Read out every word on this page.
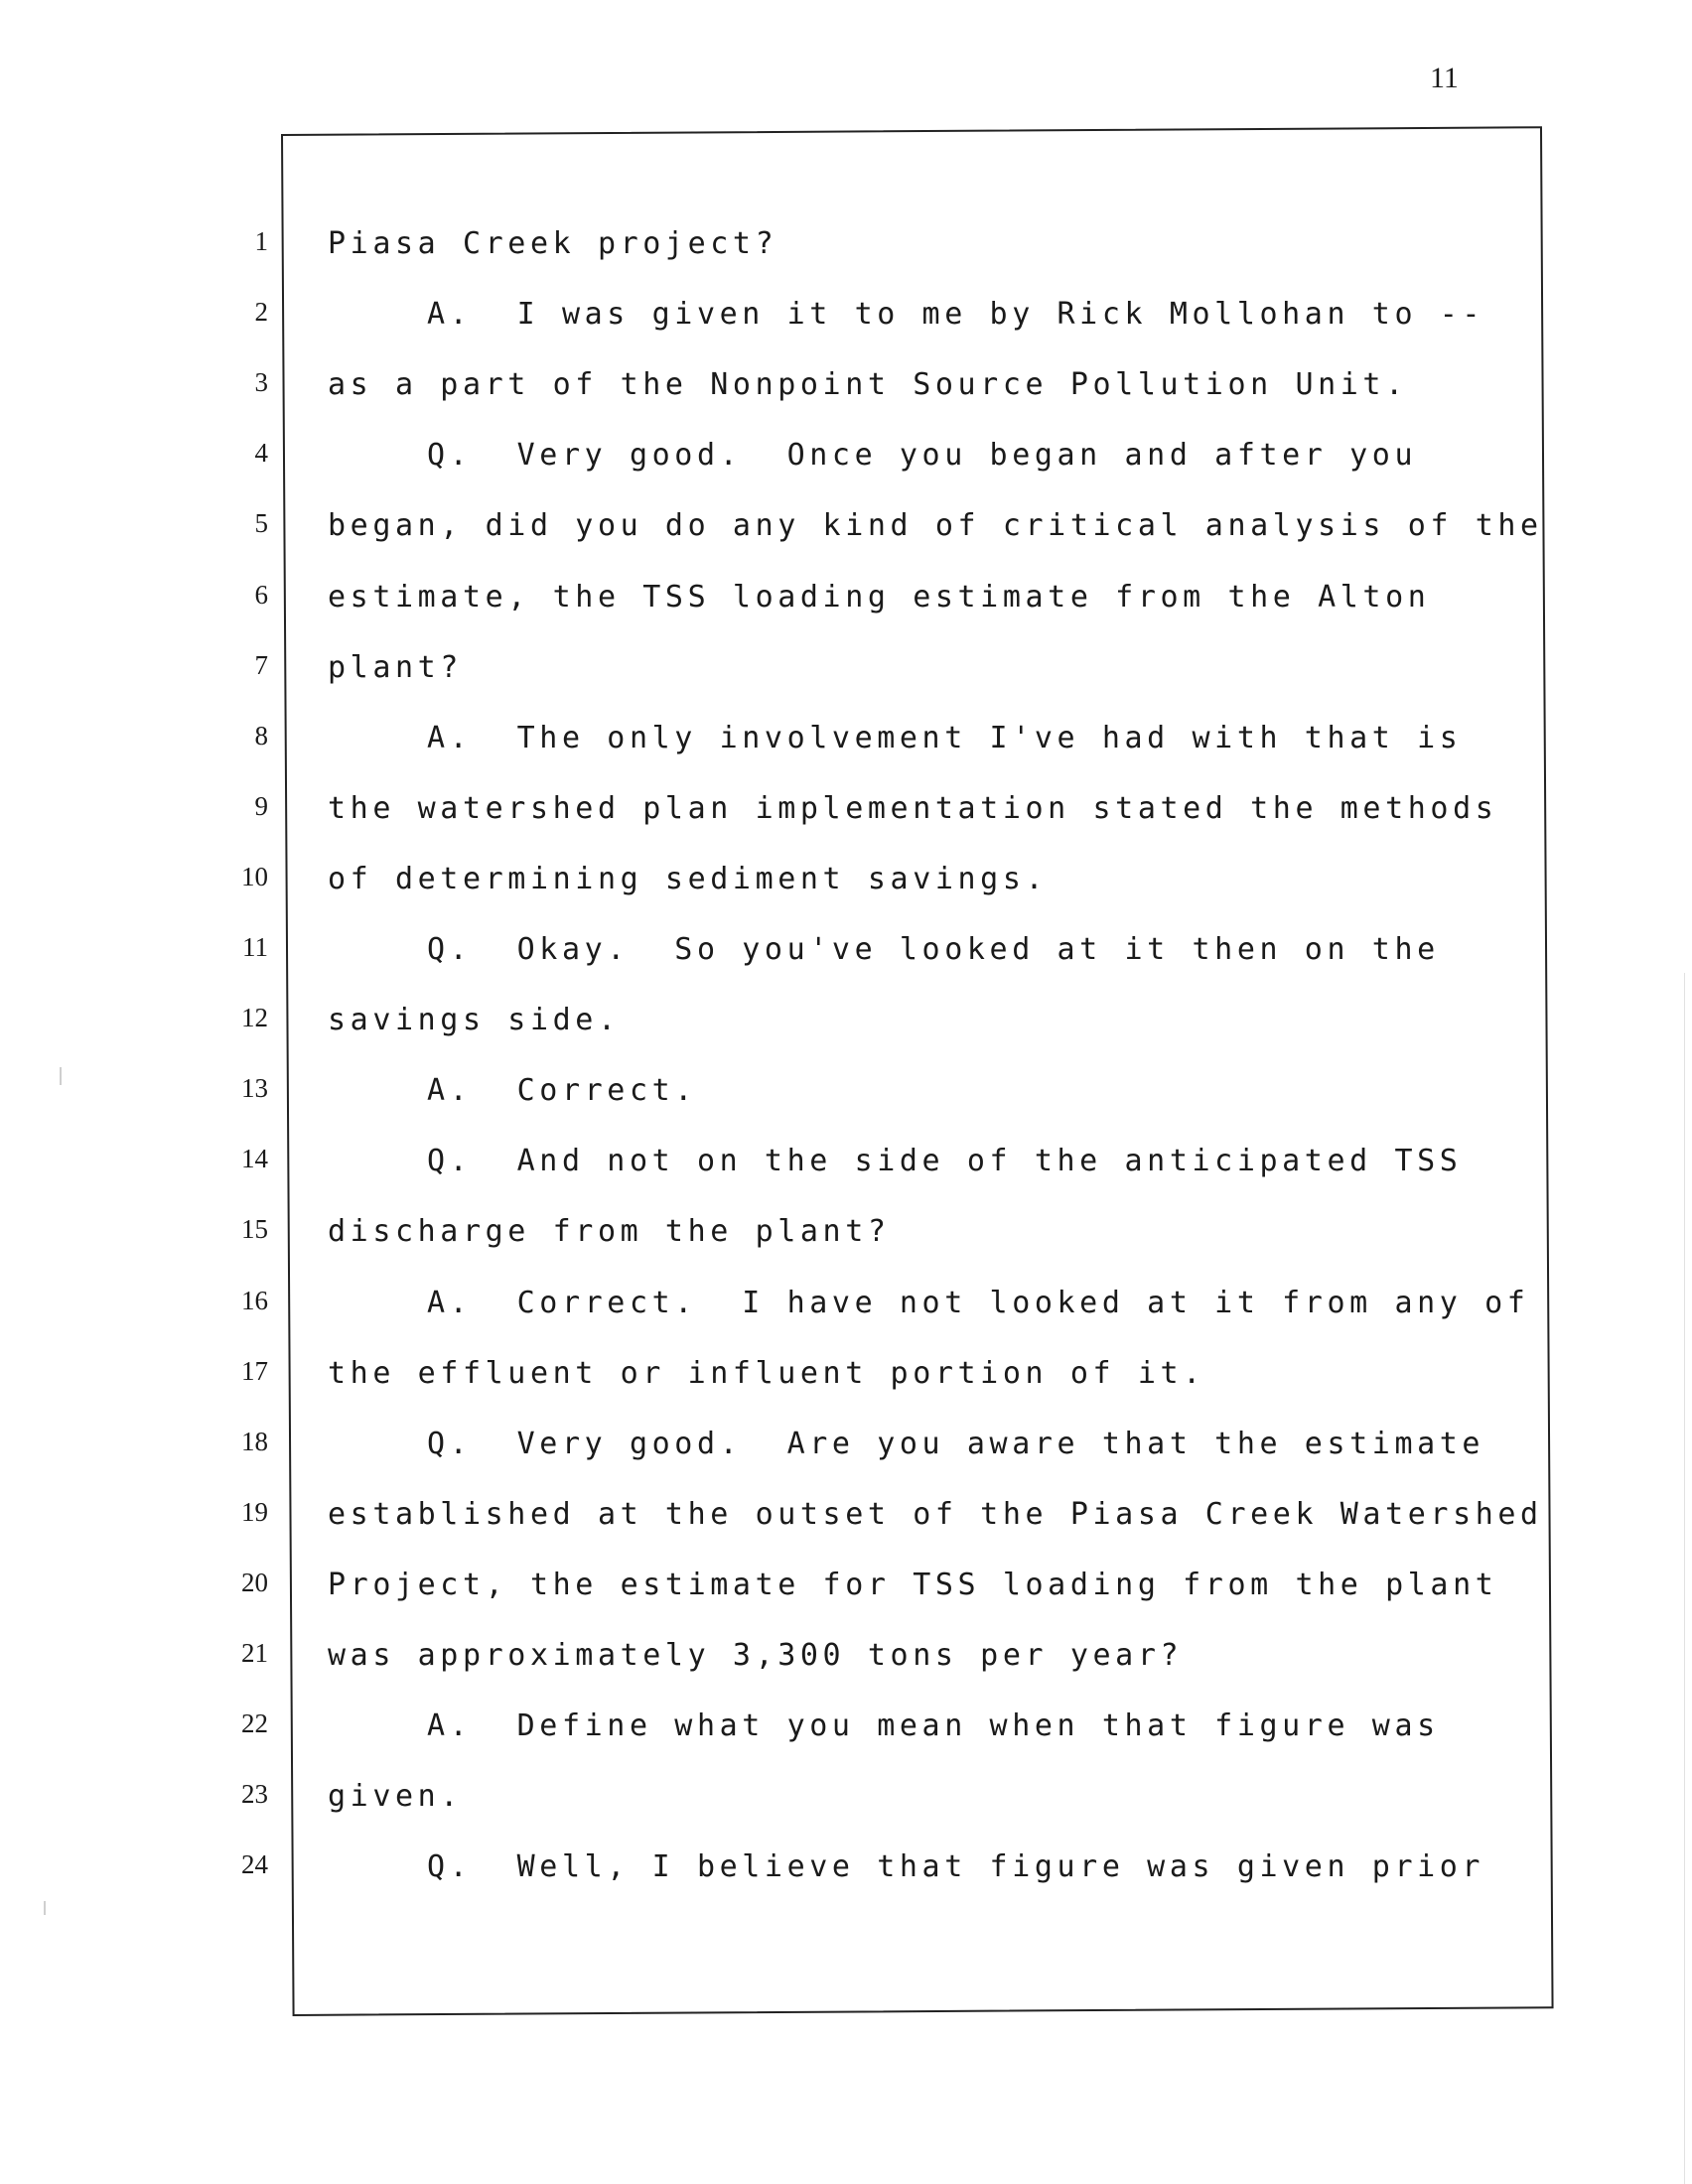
11
1
2
3
4
5
6
7
8
9
10
11
12
13
14
15
16
17
18
19
20
21
22
23
24
Piasa Creek project?
A.  I was given it to me by Rick Mollohan to --
as a part of the Nonpoint Source Pollution Unit.
Q.  Very good.  Once you began and after you
began, did you do any kind of critical analysis of the
estimate, the TSS loading estimate from the Alton
plant?
A.  The only involvement I've had with that is
the watershed plan implementation stated the methods
of determining sediment savings.
Q.  Okay.  So you've looked at it then on the
savings side.
A.  Correct.
Q.  And not on the side of the anticipated TSS
discharge from the plant?
A.  Correct.  I have not looked at it from any of
the effluent or influent portion of it.
Q.  Very good.  Are you aware that the estimate
established at the outset of the Piasa Creek Watershed
Project, the estimate for TSS loading from the plant
was approximately 3,300 tons per year?
A.  Define what you mean when that figure was
given.
Q.  Well, I believe that figure was given prior
